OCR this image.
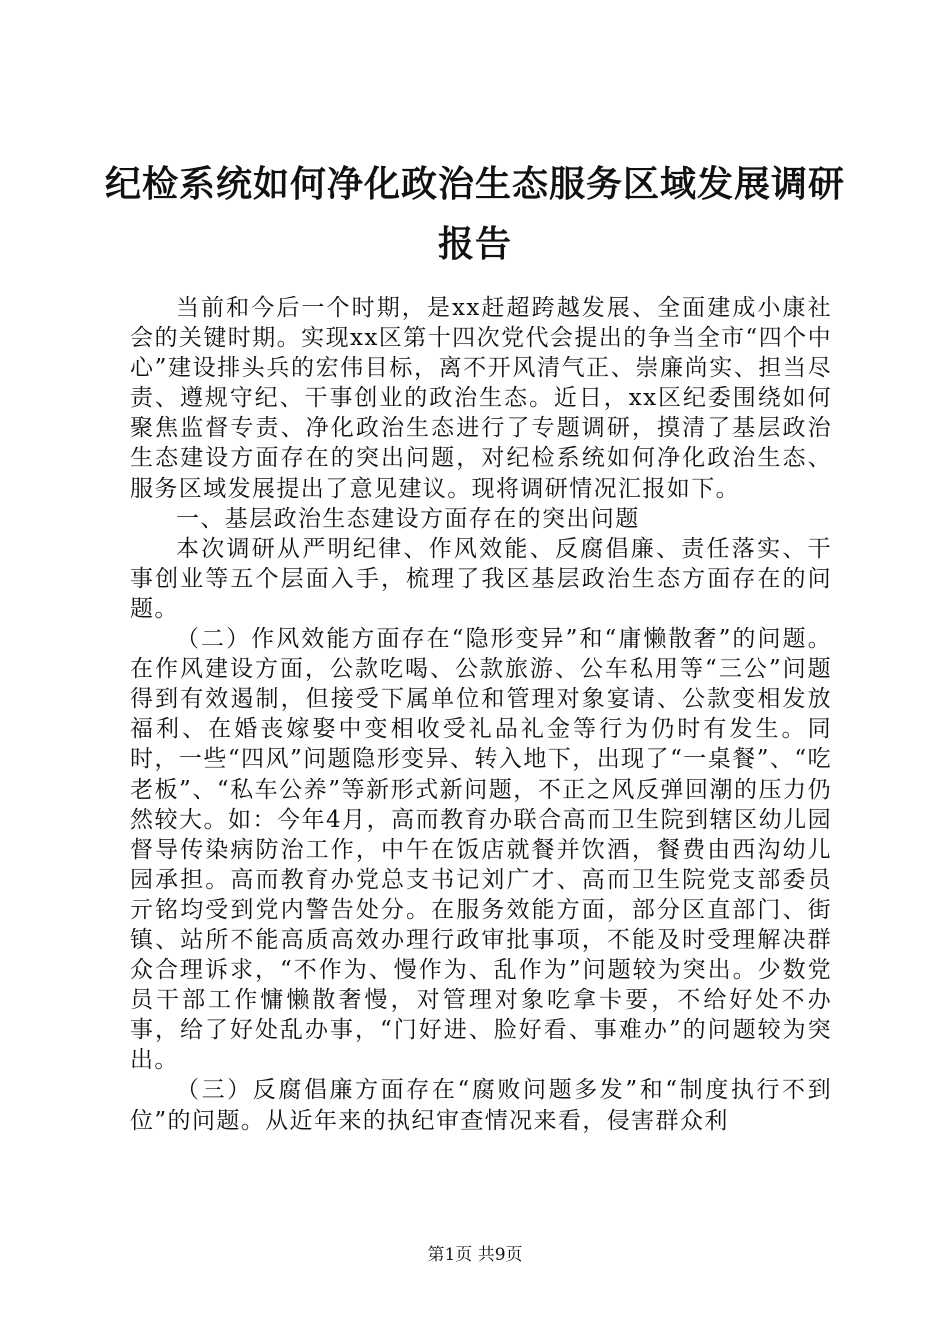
纪检系统如何净化政治生态服务区域发展调研
报告

当前和今后一个时期，是xx赶超跨越发展、全面建成小康社会的关键时期。实现xx区第十四次党代会提出的争当全市“四个中心”建设排头兵的宏伟目标，离不开风清气正、崇廉尚实、担当尽责、遵规守纪、干事创业的政治生态。近日，xx区纪委围绕如何聚焦监督专责、净化政治生态进行了专题调研，摸清了基层政治生态建设方面存在的突出问题，对纪检系统如何净化政治生态、服务区域发展提出了意见建议。现将调研情况汇报如下。

一、基层政治生态建设方面存在的突出问题

本次调研从严明纪律、作风效能、反腐倡廉、责任落实、干事创业等五个层面入手，梳理了我区基层政治生态方面存在的问题。

（二）作风效能方面存在“隐形变异”和“庸懒散奢”的问题。在作风建设方面，公款吃喝、公款旅游、公车私用等“三公”问题得到有效遏制，但接受下属单位和管理对象宴请、公款变相发放福利、在婚丧嫁娶中变相收受礼品礼金等行为仍时有发生。同时，一些“四风”问题隐形变异、转入地下，出现了“一桌餐”、“吃老板”、“私车公养”等新形式新问题，不正之风反弹回潮的压力仍然较大。如：今年4月，高而教育办联合高而卫生院到辖区幼儿园督导传染病防治工作，中午在饭店就餐并饮酒，餐费由西沟幼儿园承担。高而教育办党总支书记刘广才、高而卫生院党支部委员亓铭均受到党内警告处分。在服务效能方面，部分区直部门、街镇、站所不能高质高效办理行政审批事项，不能及时受理解决群众合理诉求，“不作为、慢作为、乱作为”问题较为突出。少数党员干部工作慵懒散奢慢，对管理对象吃拿卡要，不给好处不办事，给了好处乱办事，“门好进、脸好看、事难办”的问题较为突出。

（三）反腐倡廉方面存在“腐败问题多发”和“制度执行不到位”的问题。从近年来的执纪审查情况来看，侵害群众利

第1页 共9页
